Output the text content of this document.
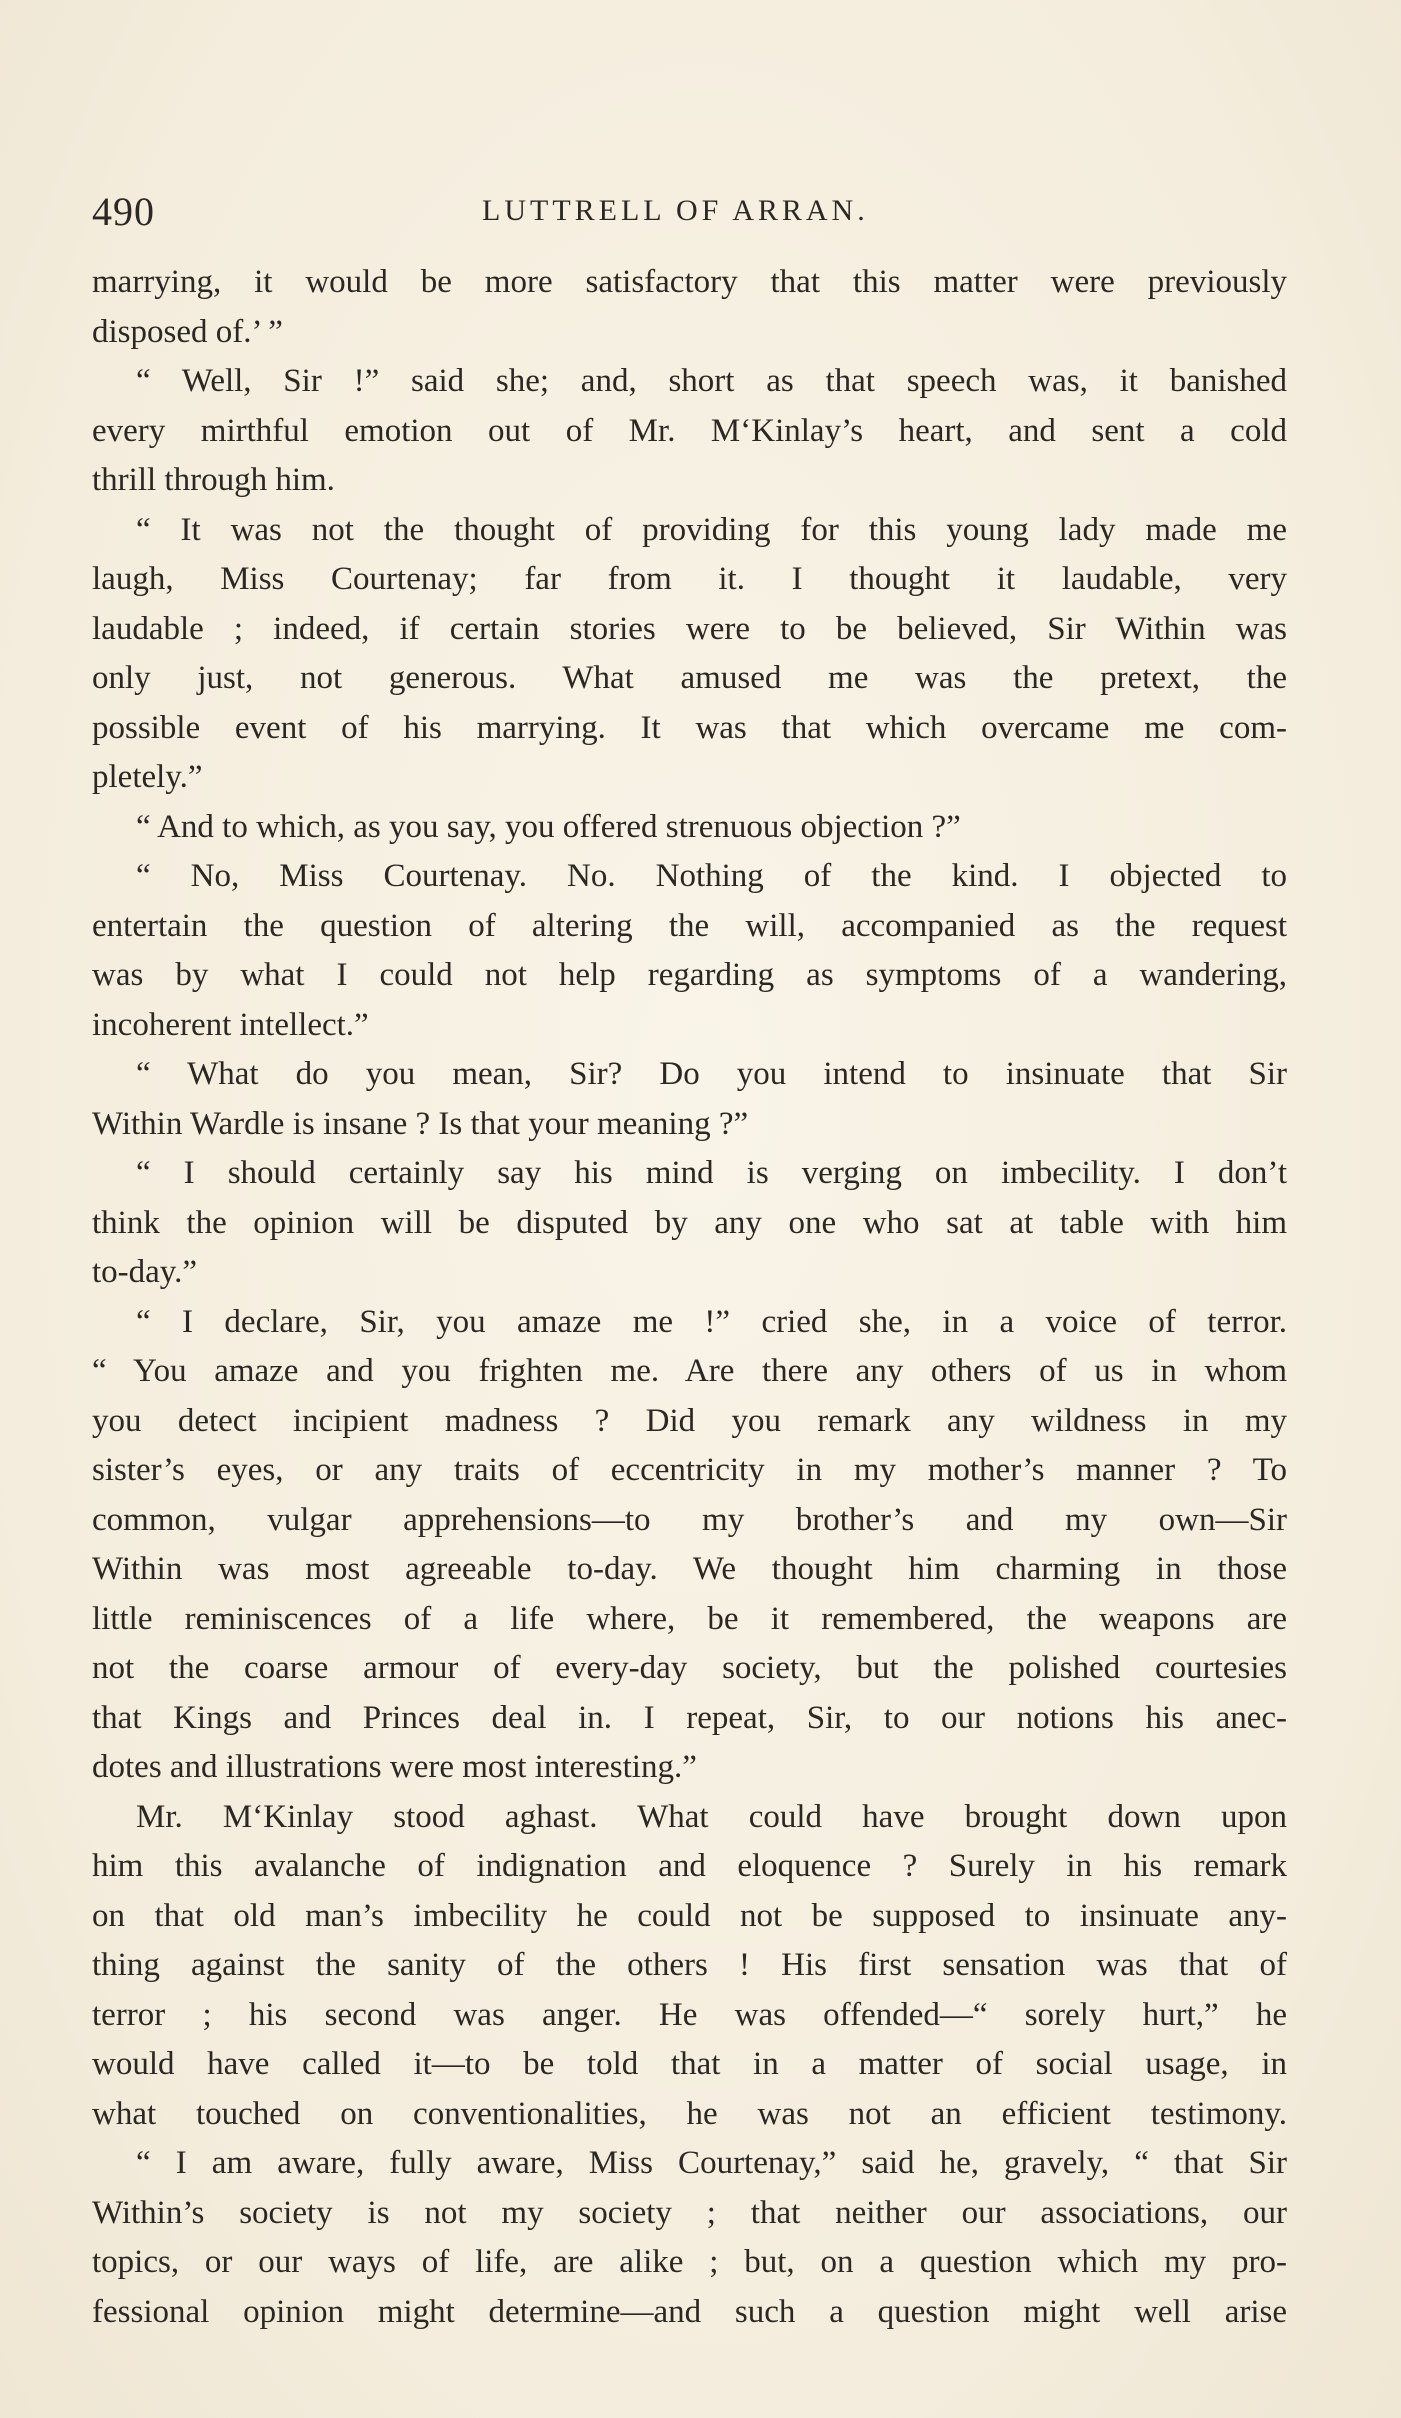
490	LUTTRELL OF ARRAN.
marrying, it would be more satisfactory that this matter were previously
disposed of.’ ”
“ Well, Sir !” said she; and, short as that speech was, it banished
every mirthful emotion out of Mr. M‘Kinlay’s heart, and sent a cold
thrill through him.
“ It was not the thought of providing for this young lady made me
laugh, Miss Courtenay; far from it. I thought it laudable, very
laudable ; indeed, if certain stories were to be believed, Sir Within was
only just, not generous. What amused me was the pretext, the
possible event of his marrying. It was that which overcame me com-
pletely.”
“ And to which, as you say, you offered strenuous objection ?”
“ No, Miss Courtenay. No. Nothing of the kind. I objected to
entertain the question of altering the will, accompanied as the request
was by what I could not help regarding as symptoms of a wandering,
incoherent intellect.”
“ What do you mean, Sir? Do you intend to insinuate that Sir
Within Wardle is insane ? Is that your meaning ?”
“ I should certainly say his mind is verging on imbecility. I don’t
think the opinion will be disputed by any one who sat at table with him
to-day.”
“ I declare, Sir, you amaze me !” cried she, in a voice of terror.
“ You amaze and you frighten me. Are there any others of us in whom
you detect incipient madness ? Did you remark any wildness in my
sister’s eyes, or any traits of eccentricity in my mother’s manner ? To
common, vulgar apprehensions—to my brother’s and my own—Sir
Within was most agreeable to-day. We thought him charming in those
little reminiscences of a life where, be it remembered, the weapons are
not the coarse armour of every-day society, but the polished courtesies
that Kings and Princes deal in. I repeat, Sir, to our notions his anec-
dotes and illustrations were most interesting.”
Mr. M‘Kinlay stood aghast. What could have brought down upon
him this avalanche of indignation and eloquence ? Surely in his remark
on that old man’s imbecility he could not be supposed to insinuate any-
thing against the sanity of the others ! His first sensation was that of
terror ; his second was anger. He was offended—“ sorely hurt,” he
would have called it—to be told that in a matter of social usage, in
what touched on conventionalities, he was not an efficient testimony.
“ I am aware, fully aware, Miss Courtenay,” said he, gravely, “ that Sir
Within’s society is not my society ; that neither our associations, our
topics, or our ways of life, are alike ; but, on a question which my pro-
fessional opinion might determine—and such a question might well arise
